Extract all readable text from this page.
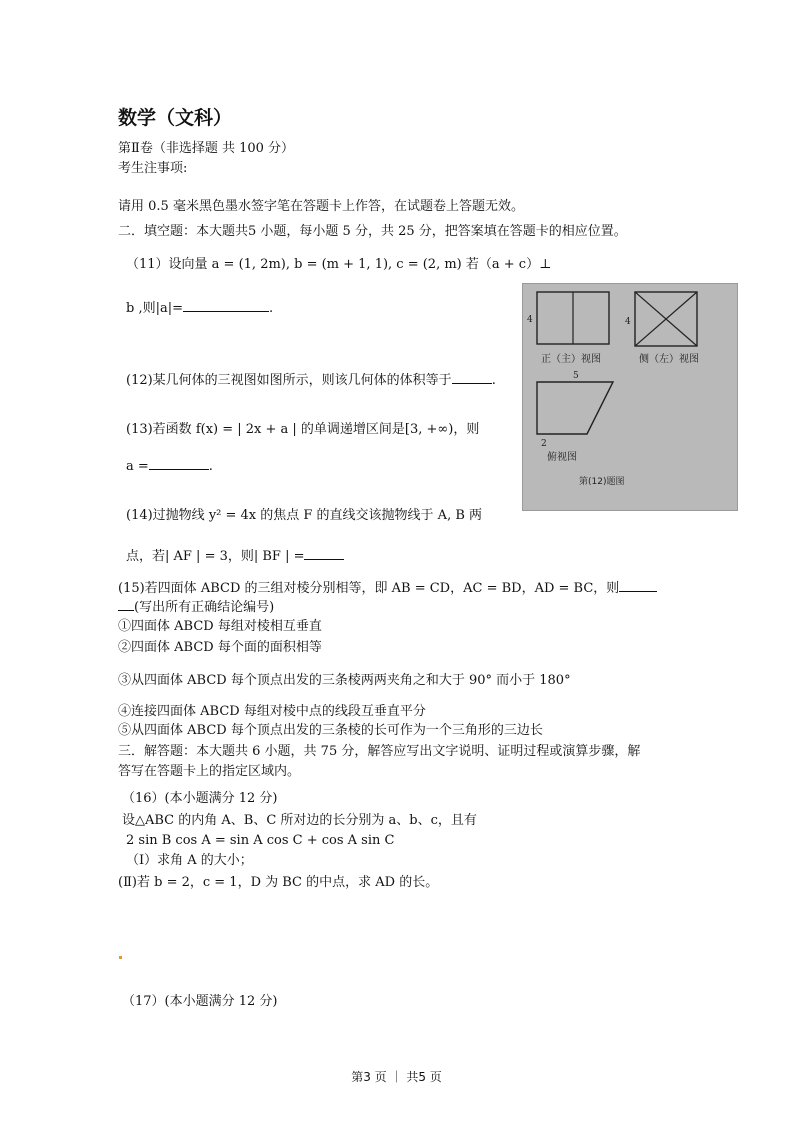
数学（文科）
第Ⅱ卷（非选择题 共 100 分）
考生注事项:
请用 0.5 毫米黑色墨水签字笔在答题卡上作答，在试题卷上答题无效。
二．填空题：本大题共5 小题，每小题 5 分，共 25 分，把答案填在答题卡的相应位置。
（11）设向量 a = (1, 2m), b = (m + 1, 1), c = (2, m) 若（a + c）⊥
b ,则|a|=	.
(12)某几何体的三视图如图所示，则该几何体的体积等于	.
(13)若函数 f(x) = | 2x + a | 的单调递增区间是[3, +∞)，则
a =	.
(14)过抛物线 y² = 4x 的焦点 F 的直线交该抛物线于 A, B 两
点，若| AF | = 3，则| BF | =
(15)若四面体 ABCD 的三组对棱分别相等，即 AB = CD，AC = BD，AD = BC，则
(写出所有正确结论编号)
①四面体 ABCD 每组对棱相互垂直
②四面体 ABCD 每个面的面积相等
③从四面体 ABCD 每个顶点出发的三条棱两两夹角之和大于 90° 而小于 180°
④连接四面体 ABCD 每组对棱中点的线段互垂直平分
⑤从四面体 ABCD 每个顶点出发的三条棱的长可作为一个三角形的三边长
三．解答题：本大题共 6 小题，共 75 分，解答应写出文字说明、证明过程或演算步骤，解
答写在答题卡上的指定区域内。
（16）(本小题满分 12 分)
设△ABC 的内角 A、B、C 所对边的长分别为 a、b、c，且有
2 sin B cos A = sin A cos C + cos A sin C
（Ⅰ）求角 A 的大小；
(Ⅱ)若 b = 2，c = 1，D 为 BC 的中点，求 AD 的长。
（17）(本小题满分 12 分)
4
正（主）视图
4
侧（左）视图
5
2
俯视图
第(12)题图
第3 页 ｜ 共5 页
